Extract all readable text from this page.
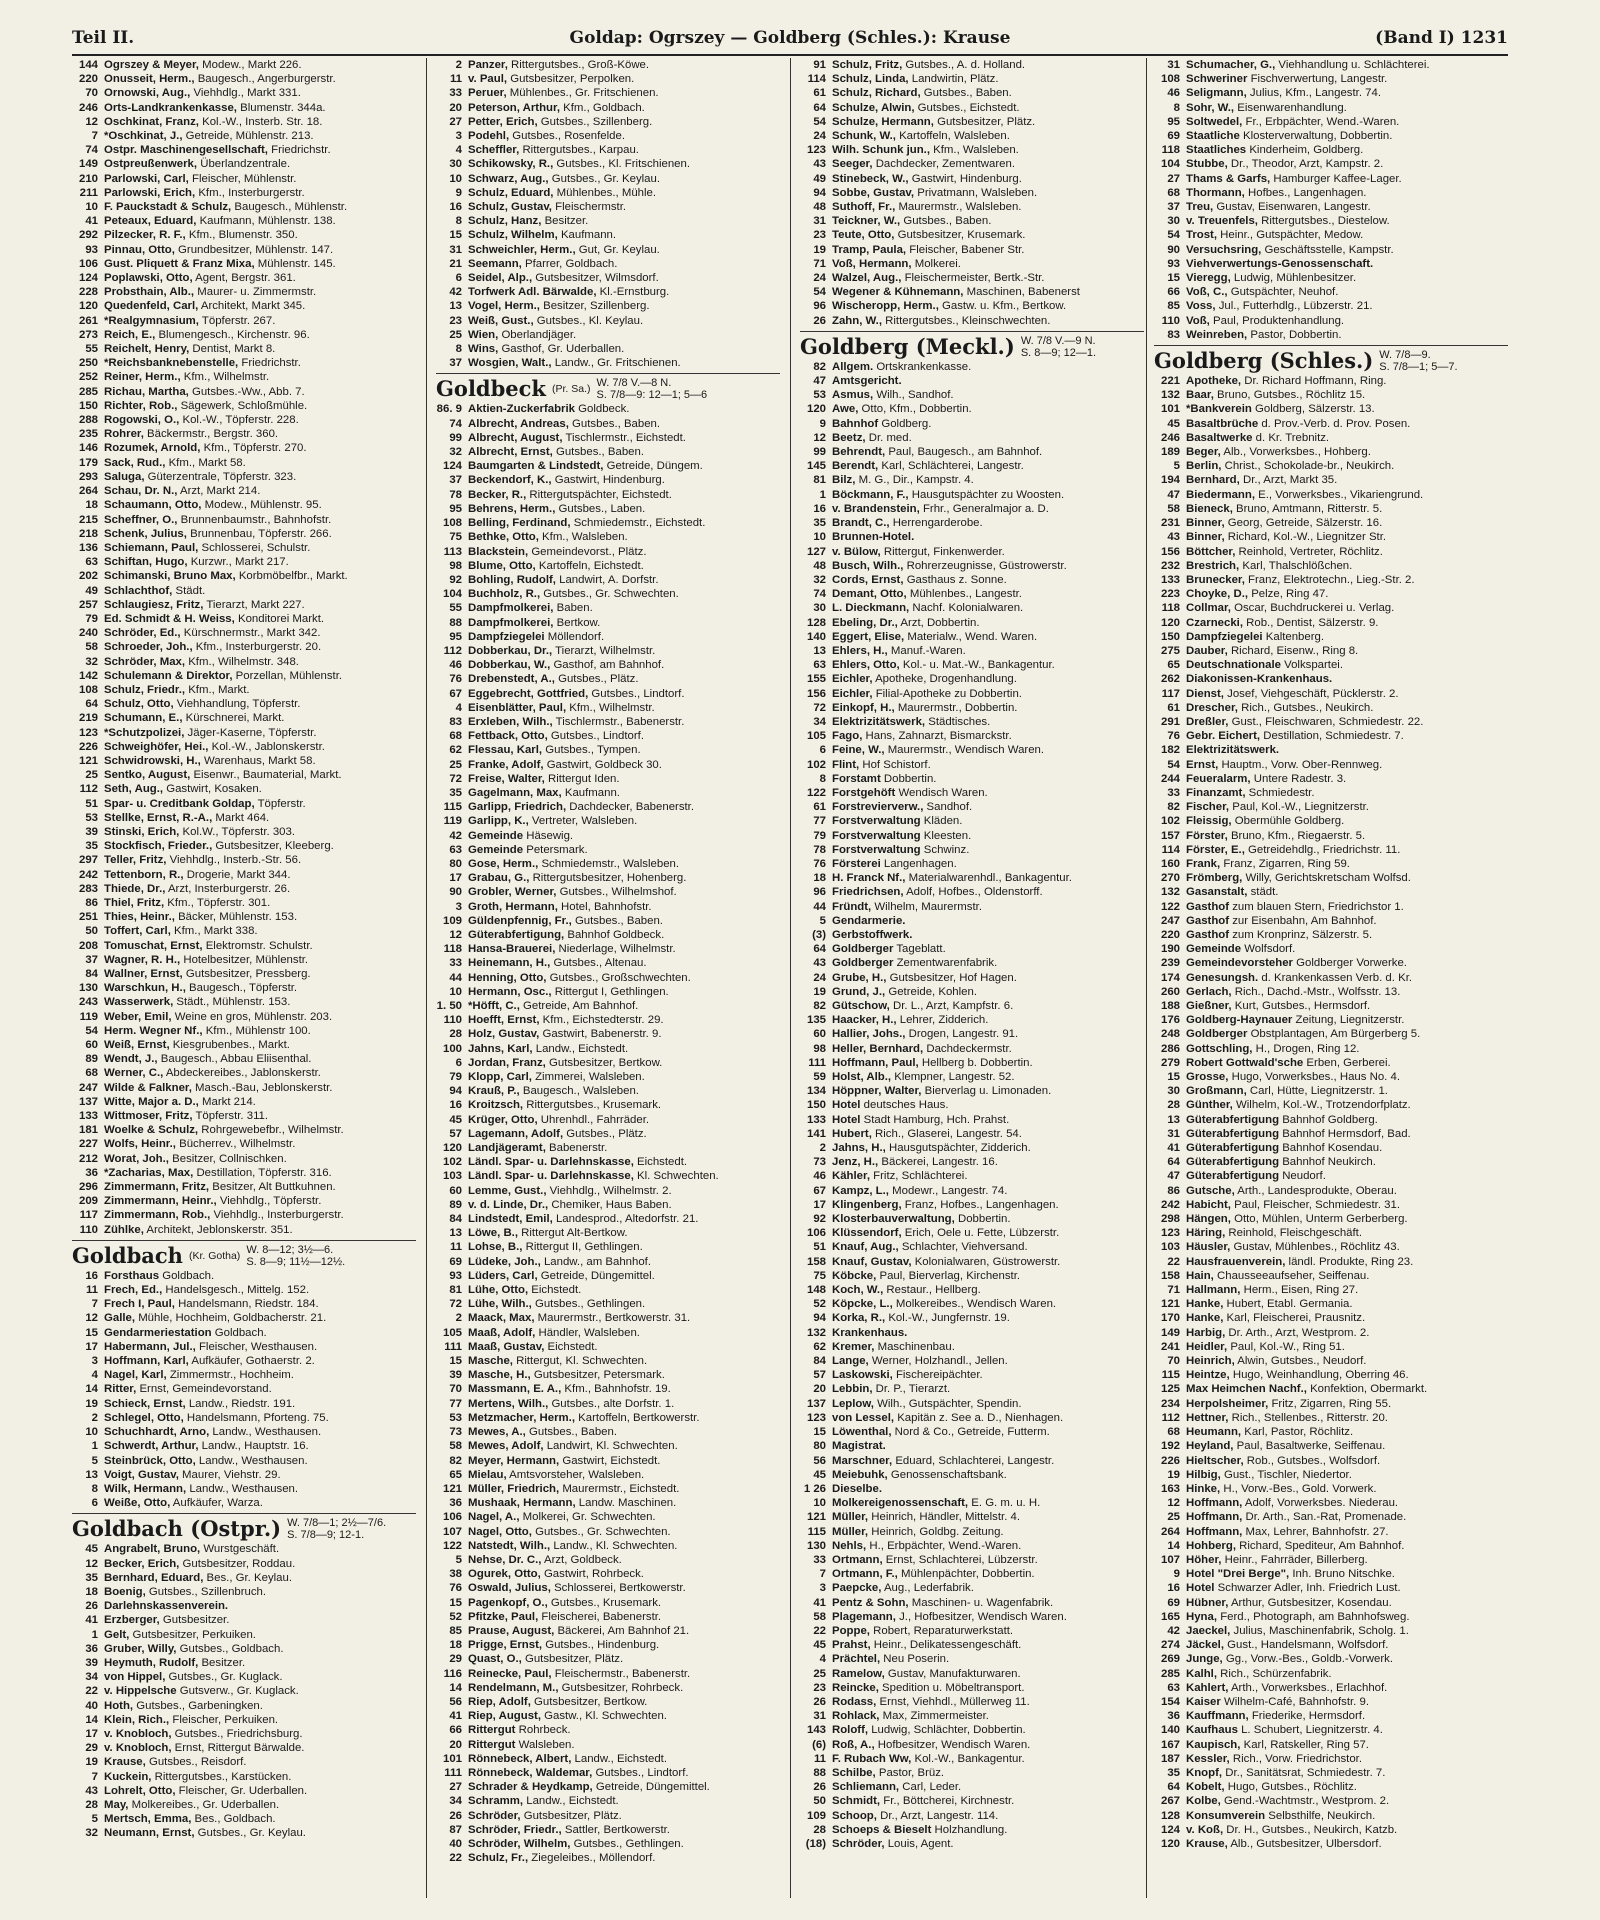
Teil II.	Goldap: Ogrszey — Goldberg (Schles.): Krause	(Band I) 1231
144 Ogrszey & Meyer, Modew., Markt 226.
220 Onusseit, Herm., Baugesch., Angerburgerstr.
70 Ornowski, Aug., Viehhdlg., Markt 331.
246 Orts-Landkrankenkasse, Blumenstr. 344a.
12 Oschkinat, Franz, Kol.-W., Insterb. Str. 18.
7 *Oschkinat, J., Getreide, Mühlenstr. 213.
74 Ostpr. Maschinengesellschaft, Friedrichstr.
149 Ostpreußenwerk, Überlandzentrale.
210 Parlowski, Carl, Fleischer, Mühlenstr.
211 Parlowski, Erich, Kfm., Insterburgerstr.
10 F. Pauckstadt & Schulz, Baugesch., Mühlenstr.
41 Peteaux, Eduard, Kaufmann, Mühlenstr. 138.
292 Pilzecker, R. F., Kfm., Blumenstr. 350.
93 Pinnau, Otto, Grundbesitzer, Mühlenstr. 147.
106 Gust. Pliquett & Franz Mixa, Mühlenstr. 145.
124 Poplawski, Otto, Agent, Bergstr. 361.
228 Probsthain, Alb., Maurer- u. Zimmermstr.
120 Quedenfeld, Carl, Architekt, Markt 345.
261 *Realgymnasium, Töpferstr. 267.
273 Reich, E., Blumengesch., Kirchenstr. 96.
55 Reichelt, Henry, Dentist, Markt 8.
250 *Reichsbanknebenstelle, Friedrichstr.
252 Reiner, Herm., Kfm., Wilhelmstr.
285 Richau, Martha, Gutsbes.-Ww., Abb. 7.
150 Richter, Rob., Sägewerk, Schloßmühle.
288 Rogowski, O., Kol.-W., Töpferstr. 228.
235 Rohrer, Bäckermstr., Bergstr. 360.
146 Rozumek, Arnold, Kfm., Töpferstr. 270.
179 Sack, Rud., Kfm., Markt 58.
293 Saluga, Güterzentrale, Töpferstr. 323.
264 Schau, Dr. N., Arzt, Markt 214.
18 Schaumann, Otto, Modew., Mühlenstr. 95.
215 Scheffner, O., Brunnenbaumstr., Bahnhofstr.
218 Schenk, Julius, Brunnenbau, Töpferstr. 266.
136 Schiemann, Paul, Schlosserei, Schulstr.
63 Schiftan, Hugo, Kurzwr., Markt 217.
202 Schimanski, Bruno Max, Korbmöbelfbr., Markt.
49 Schlachthof, Städt.
257 Schlaugiesz, Fritz, Tierarzt, Markt 227.
79 Ed. Schmidt & H. Weiss, Konditorei Markt.
240 Schröder, Ed., Kürschnermstr., Markt 342.
58 Schroeder, Joh., Kfm., Insterburgerstr. 20.
32 Schröder, Max, Kfm., Wilhelmstr. 348.
142 Schulemann & Direktor, Porzellan, Mühlenstr.
108 Schulz, Friedr., Kfm., Markt.
64 Schulz, Otto, Viehhandlung, Töpferstr.
219 Schumann, E., Kürschnerei, Markt.
123 *Schutzpolizei, Jäger-Kaserne, Töpferstr.
226 Schweighöfer, Hei., Kol.-W., Jablonskerstr.
121 Schwidrowski, H., Warenhaus, Markt 58.
25 Sentko, August, Eisenwr., Baumaterial, Markt.
112 Seth, Aug., Gastwirt, Kosaken.
51 Spar- u. Creditbank Goldap, Töpferstr.
53 Stellke, Ernst, R.-A., Markt 464.
39 Stinski, Erich, Kol.W., Töpferstr. 303.
35 Stockfisch, Frieder., Gutsbesitzer, Kleeberg.
297 Teller, Fritz, Viehhdlg., Insterb.-Str. 56.
242 Tettenborn, R., Drogerie, Markt 344.
283 Thiede, Dr., Arzt, Insterburgerstr. 26.
86 Thiel, Fritz, Kfm., Töpferstr. 301.
251 Thies, Heinr., Bäcker, Mühlenstr. 153.
50 Toffert, Carl, Kfm., Markt 338.
208 Tomuschat, Ernst, Elektromstr. Schulstr.
37 Wagner, R. H., Hotelbesitzer, Mühlenstr.
84 Wallner, Ernst, Gutsbesitzer, Pressberg.
130 Warschkun, H., Baugesch., Töpferstr.
243 Wasserwerk, Städt., Mühlenstr. 153.
119 Weber, Emil, Weine en gros, Mühlenstr. 203.
54 Herm. Wegner Nf., Kfm., Mühlenstr 100.
60 Weiß, Ernst, Kiesgrubenbes., Markt.
89 Wendt, J., Baugesch., Abbau Eliisenthal.
68 Werner, C., Abdeckereibes., Jablonskerstr.
247 Wilde & Falkner, Masch.-Bau, Jeblonskerstr.
137 Witte, Major a. D., Markt 214.
133 Wittmoser, Fritz, Töpferstr. 311.
181 Woelke & Schulz, Rohrgewebefbr., Wilhelmstr.
227 Wolfs, Heinr., Bücherrev., Wilhelmstr.
212 Worat, Joh., Besitzer, Collnischken.
36 *Zacharias, Max, Destillation, Töpferstr. 316.
296 Zimmermann, Fritz, Besitzer, Alt Buttkuhnen.
209 Zimmermann, Heinr., Viehhdlg., Töpferstr.
117 Zimmermann, Rob., Viehhdlg., Insterburgerstr.
110 Zühlke, Architekt, Jeblonskerstr. 351.
Goldbach (Kr. Gotha) W. 8—12; 3½—6.
S. 8—9; 11½—12½.
16 Forsthaus Goldbach.
11 Frech, Ed., Handelsgesch., Mittelg. 152.
7 Frech I, Paul, Handelsmann, Riedstr. 184.
12 Galle, Mühle, Hochheim, Goldbacherstr. 21.
15 Gendarmeriestation Goldbach.
17 Habermann, Jul., Fleischer, Westhausen.
3 Hoffmann, Karl, Aufkäufer, Gothaerstr. 2.
4 Nagel, Karl, Zimmermstr., Hochheim.
14 Ritter, Ernst, Gemeindevorstand.
19 Schieck, Ernst, Landw., Riedstr. 191.
2 Schlegel, Otto, Handelsmann, Pforteng. 75.
10 Schuchhardt, Arno, Landw., Westhausen.
1 Schwerdt, Arthur, Landw., Hauptstr. 16.
5 Steinbrück, Otto, Landw., Westhausen.
13 Voigt, Gustav, Maurer, Viehstr. 29.
8 Wilk, Hermann, Landw., Westhausen.
6 Weiße, Otto, Aufkäufer, Warza.
Goldbach (Ostpr.) W. 7/8—1; 2½—7/6.
S. 7/8—9; 12-1.
45 Angrabelt, Bruno, Wurstgeschäft.
12 Becker, Erich, Gutsbesitzer, Roddau.
35 Bernhard, Eduard, Bes., Gr. Keylau.
18 Boenig, Gutsbes., Szillenbruch.
26 Darlehnskassenverein.
41 Erzberger, Gutsbesitzer.
1 Gelt, Gutsbesitzer, Perkuiken.
36 Gruber, Willy, Gutsbes., Goldbach.
39 Heymuth, Rudolf, Besitzer.
34 von Hippel, Gutsbes., Gr. Kuglack.
22 v. Hippelsche Gutsverw., Gr. Kuglack.
40 Hoth, Gutsbes., Garbeningken.
14 Klein, Rich., Fleischer, Perkuiken.
17 v. Knobloch, Gutsbes., Friedrichsburg.
29 v. Knobloch, Ernst, Rittergut Bärwalde.
19 Krause, Gutsbes., Reisdorf.
7 Kuckein, Rittergutsbes., Karstücken.
43 Lohrelt, Otto, Fleischer, Gr. Uderballen.
28 May, Molkereibes., Gr. Uderballen.
5 Mertsch, Emma, Bes., Goldbach.
32 Neumann, Ernst, Gutsbes., Gr. Keylau.
2 Panzer, Rittergutsbes., Groß-Köwe.
11 v. Paul, Gutsbesitzer, Perpolken.
33 Peruer, Mühlenbes., Gr. Fritschienen.
20 Peterson, Arthur, Kfm., Goldbach.
27 Petter, Erich, Gutsbes., Szillenberg.
3 Podehl, Gutsbes., Rosenfelde.
4 Scheffler, Rittergutsbes., Karpau.
30 Schikowsky, R., Gutsbes., Kl. Fritschienen.
10 Schwarz, Aug., Gutsbes., Gr. Keylau.
9 Schulz, Eduard, Mühlenbes., Mühle.
16 Schulz, Gustav, Fleischermstr.
8 Schulz, Hanz, Besitzer.
15 Schulz, Wilhelm, Kaufmann.
31 Schweichler, Herm., Gut, Gr. Keylau.
21 Seemann, Pfarrer, Goldbach.
6 Seidel, Alp., Gutsbesitzer, Wilmsdorf.
42 Torfwerk Adl. Bärwalde, Kl.-Ernstburg.
13 Vogel, Herm., Besitzer, Szillenberg.
23 Weiß, Gust., Gutsbes., Kl. Keylau.
25 Wien, Oberlandjäger.
8 Wins, Gasthof, Gr. Uderballen.
37 Wosgien, Walt., Landw., Gr. Fritschienen.
Goldbeck (Pr. Sa.) W. 7/8 V.—8 N.
S. 7/8—9: 12—1; 5—6
86. 9 Aktien-Zuckerfabrik Goldbeck.
74 Albrecht, Andreas, Gutsbes., Baben.
99 Albrecht, August, Tischlermstr., Eichstedt.
32 Albrecht, Ernst, Gutsbes., Baben.
124 Baumgarten & Lindstedt, Getreide, Düngem.
37 Beckendorf, K., Gastwirt, Hindenburg.
78 Becker, R., Rittergutspächter, Eichstedt.
95 Behrens, Herm., Gutsbes., Laben.
108 Belling, Ferdinand, Schmiedemstr., Eichstedt.
75 Bethke, Otto, Kfm., Walsleben.
113 Blackstein, Gemeindevorst., Plätz.
98 Blume, Otto, Kartoffeln, Eichstedt.
92 Bohling, Rudolf, Landwirt, A. Dorfstr.
104 Buchholz, R., Gutsbes., Gr. Schwechten.
55 Dampfmolkerei, Baben.
88 Dampfmolkerei, Bertkow.
95 Dampfziegelei Möllendorf.
112 Dobberkau, Dr., Tierarzt, Wilhelmstr.
46 Dobberkau, W., Gasthof, am Bahnhof.
76 Drebenstedt, A., Gutsbes., Plätz.
67 Eggebrecht, Gottfried, Gutsbes., Lindtorf.
4 Eisenblätter, Paul, Kfm., Wilhelmstr.
83 Erxleben, Wilh., Tischlermstr., Babenerstr.
68 Fettback, Otto, Gutsbes., Lindtorf.
62 Flessau, Karl, Gutsbes., Tympen.
25 Franke, Adolf, Gastwirt, Goldbeck 30.
72 Freise, Walter, Rittergut Iden.
35 Gagelmann, Max, Kaufmann.
115 Garlipp, Friedrich, Dachdecker, Babenerstr.
119 Garlipp, K., Vertreter, Walsleben.
42 Gemeinde Häsewig.
63 Gemeinde Petersmark.
80 Gose, Herm., Schmiedemstr., Walsleben.
17 Grabau, G., Rittergutsbesitzer, Hohenberg.
90 Grobler, Werner, Gutsbes., Wilhelmshof.
3 Groth, Hermann, Hotel, Bahnhofstr.
109 Güldenpfennig, Fr., Gutsbes., Baben.
12 Güterabfertigung, Bahnhof Goldbeck.
118 Hansa-Brauerei, Niederlage, Wilhelmstr.
33 Heinemann, H., Gutsbes., Altenau.
44 Henning, Otto, Gutsbes., Großschwechten.
10 Hermann, Osc., Rittergut I, Gethlingen.
1. 50 *Höfft, C., Getreide, Am Bahnhof.
110 Hoefft, Ernst, Kfm., Eichstedterstr. 29.
28 Holz, Gustav, Gastwirt, Babenerstr. 9.
100 Jahns, Karl, Landw., Eichstedt.
6 Jordan, Franz, Gutsbesitzer, Bertkow.
79 Klopp, Carl, Zimmerei, Walsleben.
94 Krauß, P., Baugesch., Walsleben.
16 Kroitzsch, Rittergutsbes., Krusemark.
45 Krüger, Otto, Uhrenhdl., Fahrräder.
57 Lagemann, Adolf, Gutsbes., Plätz.
120 Landjägeramt, Babenerstr.
102 Ländl. Spar- u. Darlehnskasse, Eichstedt.
103 Ländl. Spar- u. Darlehnskasse, Kl. Schwechten.
60 Lemme, Gust., Viehhdlg., Wilhelmstr. 2.
89 v. d. Linde, Dr., Chemiker, Haus Baben.
84 Lindstedt, Emil, Landesprod., Altedorfstr. 21.
13 Löwe, B., Rittergut Alt-Bertkow.
11 Lohse, B., Rittergut II, Gethlingen.
69 Lüdeke, Joh., Landw., am Bahnhof.
93 Lüders, Carl, Getreide, Düngemittel.
81 Lühe, Otto, Eichstedt.
72 Lühe, Wilh., Gutsbes., Gethlingen.
2 Maack, Max, Maurermstr., Bertkowerstr. 31.
105 Maaß, Adolf, Händler, Walsleben.
111 Maaß, Gustav, Eichstedt.
15 Masche, Rittergut, Kl. Schwechten.
39 Masche, H., Gutsbesitzer, Petersmark.
70 Massmann, E. A., Kfm., Bahnhofstr. 19.
77 Mertens, Wilh., Gutsbes., alte Dorfstr. 1.
53 Metzmacher, Herm., Kartoffeln, Bertkowerstr.
73 Mewes, A., Gutsbes., Baben.
58 Mewes, Adolf, Landwirt, Kl. Schwechten.
82 Meyer, Hermann, Gastwirt, Eichstedt.
65 Mielau, Amtsvorsteher, Walsleben.
121 Müller, Friedrich, Maurermstr., Eichstedt.
36 Mushaak, Hermann, Landw. Maschinen.
106 Nagel, A., Molkerei, Gr. Schwechten.
107 Nagel, Otto, Gutsbes., Gr. Schwechten.
122 Natstedt, Wilh., Landw., Kl. Schwechten.
5 Nehse, Dr. C., Arzt, Goldbeck.
38 Ogurek, Otto, Gastwirt, Rohrbeck.
76 Oswald, Julius, Schlosserei, Bertkowerstr.
15 Pagenkopf, O., Gutsbes., Krusemark.
52 Pfitzke, Paul, Fleischerei, Babenerstr.
85 Prause, August, Bäckerei, Am Bahnhof 21.
18 Prigge, Ernst, Gutsbes., Hindenburg.
29 Quast, O., Gutsbesitzer, Plätz.
116 Reinecke, Paul, Fleischermstr., Babenerstr.
14 Rendelmann, M., Gutsbesitzer, Rohrbeck.
56 Riep, Adolf, Gutsbesitzer, Bertkow.
41 Riep, August, Gastw., Kl. Schwechten.
66 Rittergut Rohrbeck.
20 Rittergut Walsleben.
101 Rönnebeck, Albert, Landw., Eichstedt.
111 Rönnebeck, Waldemar, Gutsbes., Lindtorf.
27 Schrader & Heydkamp, Getreide, Düngemittel.
34 Schramm, Landw., Eichstedt.
26 Schröder, Gutsbesitzer, Plätz.
87 Schröder, Friedr., Sattler, Bertkowerstr.
40 Schröder, Wilhelm, Gutsbes., Gethlingen.
22 Schulz, Fr., Ziegeleibes., Möllendorf.
91 Schulz, Fritz, Gutsbes., A. d. Holland.
114 Schulz, Linda, Landwirtin, Plätz.
61 Schulz, Richard, Gutsbes., Baben.
64 Schulze, Alwin, Gutsbes., Eichstedt.
54 Schulze, Hermann, Gutsbesitzer, Plätz.
24 Schunk, W., Kartoffeln, Walsleben.
123 Wilh. Schunk jun., Kfm., Walsleben.
43 Seeger, Dachdecker, Zementwaren.
49 Stinebeck, W., Gastwirt, Hindenburg.
94 Sobbe, Gustav, Privatmann, Walsleben.
48 Suthoff, Fr., Maurermstr., Walsleben.
31 Teickner, W., Gutsbes., Baben.
23 Teute, Otto, Gutsbesitzer, Krusemark.
19 Tramp, Paula, Fleischer, Babener Str.
71 Voß, Hermann, Molkerei.
24 Walzel, Aug., Fleischermeister, Bertk.-Str.
54 Wegener & Kühnemann, Maschinen, Babenerst
96 Wischeropp, Herm., Gastw. u. Kfm., Bertkow.
26 Zahn, W., Rittergutsbes., Kleinschwechten.
Goldberg (Meckl.) W. 7/8 V.—9 N.
S. 8—9; 12—1.
82 Allgem. Ortskrankenkasse.
47 Amtsgericht.
53 Asmus, Wilh., Sandhof.
120 Awe, Otto, Kfm., Dobbertin.
9 Bahnhof Goldberg.
12 Beetz, Dr. med.
99 Behrendt, Paul, Baugesch., am Bahnhof.
145 Berendt, Karl, Schlächterei, Langestr.
81 Bilz, M. G., Dir., Kampstr. 4.
1 Böckmann, F., Hausgutspächter zu Woosten.
16 v. Brandenstein, Frhr., Generalmajor a. D.
35 Brandt, C., Herrengarderobe.
10 Brunnen-Hotel.
127 v. Bülow, Rittergut, Finkenwerder.
48 Busch, Wilh., Rohrerzeugnisse, Güstrowerstr.
32 Cords, Ernst, Gasthaus z. Sonne.
74 Demant, Otto, Mühlenbes., Langestr.
30 L. Dieckmann, Nachf. Kolonialwaren.
128 Ebeling, Dr., Arzt, Dobbertin.
140 Eggert, Elise, Materialw., Wend. Waren.
13 Ehlers, H., Manuf.-Waren.
63 Ehlers, Otto, Kol.- u. Mat.-W., Bankagentur.
155 Eichler, Apotheke, Drogenhandlung.
156 Eichler, Filial-Apotheke zu Dobbertin.
72 Einkopf, H., Maurermstr., Dobbertin.
34 Elektrizitätswerk, Städtisches.
105 Fago, Hans, Zahnarzt, Bismarckstr.
6 Feine, W., Maurermstr., Wendisch Waren.
102 Flint, Hof Schistorf.
8 Forstamt Dobbertin.
122 Forstgehöft Wendisch Waren.
61 Forstrevierverw., Sandhof.
77 Forstverwaltung Kläden.
79 Forstverwaltung Kleesten.
78 Forstverwaltung Schwinz.
76 Försterei Langenhagen.
18 H. Franck Nf., Materialwarenhdl., Bankagentur.
96 Friedrichsen, Adolf, Hofbes., Oldenstorff.
44 Fründt, Wilhelm, Maurermstr.
5 Gendarmerie.
(3) Gerbstoffwerk.
64 Goldberger Tageblatt.
43 Goldberger Zementwarenfabrik.
24 Grube, H., Gutsbesitzer, Hof Hagen.
19 Grund, J., Getreide, Kohlen.
82 Gütschow, Dr. L., Arzt, Kampfstr. 6.
135 Haacker, H., Lehrer, Zidderich.
60 Hallier, Johs., Drogen, Langestr. 91.
98 Heller, Bernhard, Dachdeckermstr.
111 Hoffmann, Paul, Hellberg b. Dobbertin.
59 Holst, Alb., Klempner, Langestr. 52.
134 Höppner, Walter, Bierverlag u. Limonaden.
150 Hotel deutsches Haus.
133 Hotel Stadt Hamburg, Hch. Prahst.
141 Hubert, Rich., Glaserei, Langestr. 54.
2 Jahns, H., Hausgutspächter, Zidderich.
73 Jenz, H., Bäckerei, Langestr. 16.
46 Kähler, Fritz, Schlächterei.
67 Kampz, L., Modewr., Langestr. 74.
17 Klingenberg, Franz, Hofbes., Langenhagen.
92 Klosterbauverwaltung, Dobbertin.
106 Klüssendorf, Erich, Oele u. Fette, Lübzerstr.
51 Knauf, Aug., Schlachter, Viehversand.
158 Knauf, Gustav, Kolonialwaren, Güstrowerstr.
75 Köbcke, Paul, Bierverlag, Kirchenstr.
148 Koch, W., Restaur., Hellberg.
52 Köpcke, L., Molkereibes., Wendisch Waren.
94 Korka, R., Kol.-W., Jungfernstr. 19.
132 Krankenhaus.
62 Kremer, Maschinenbau.
84 Lange, Werner, Holzhandl., Jellen.
57 Laskowski, Fischereipächter.
20 Lebbin, Dr. P., Tierarzt.
137 Leplow, Wilh., Gutspächter, Spendin.
123 von Lessel, Kapitän z. See a. D., Nienhagen.
15 Löwenthal, Nord & Co., Getreide, Futterm.
80 Magistrat.
56 Marschner, Eduard, Schlachterei, Langestr.
45 Meiebuhk, Genossenschaftsbank.
1 26 Dieselbe.
10 Molkereigenossenschaft, E. G. m. u. H.
121 Müller, Heinrich, Händler, Mittelstr. 4.
115 Müller, Heinrich, Goldbg. Zeitung.
130 Nehls, H., Erbpächter, Wend.-Waren.
33 Ortmann, Ernst, Schlachterei, Lübzerstr.
7 Ortmann, F., Mühlenpächter, Dobbertin.
3 Paepcke, Aug., Lederfabrik.
41 Pentz & Sohn, Maschinen- u. Wagenfabrik.
58 Plagemann, J., Hofbesitzer, Wendisch Waren.
22 Poppe, Robert, Reparaturwerkstatt.
45 Prahst, Heinr., Delikatessengeschäft.
4 Prächtel, Neu Poserin.
25 Ramelow, Gustav, Manufakturwaren.
23 Reincke, Spedition u. Möbeltransport.
26 Rodass, Ernst, Viehhdl., Müllerweg 11.
31 Rohlack, Max, Zimmermeister.
143 Roloff, Ludwig, Schlächter, Dobbertin.
(6) Roß, A., Hofbesitzer, Wendisch Waren.
11 F. Rubach Ww, Kol.-W., Bankagentur.
88 Schilbe, Pastor, Brüz.
26 Schliemann, Carl, Leder.
50 Schmidt, Fr., Böttcherei, Kirchnestr.
109 Schoop, Dr., Arzt, Langestr. 114.
28 Schoeps & Bieselt Holzhandlung.
(18) Schröder, Louis, Agent.
31 Schumacher, G., Viehhandlung u. Schlächterei.
108 Schweriner Fischverwertung, Langestr.
46 Seligmann, Julius, Kfm., Langestr. 74.
8 Sohr, W., Eisenwarenhandlung.
95 Soltwedel, Fr., Erbpächter, Wend.-Waren.
69 Staatliche Klosterverwaltung, Dobbertin.
118 Staatliches Kinderheim, Goldberg.
104 Stubbe, Dr., Theodor, Arzt, Kampstr. 2.
27 Thams & Garfs, Hamburger Kaffee-Lager.
68 Thormann, Hofbes., Langenhagen.
37 Treu, Gustav, Eisenwaren, Langestr.
30 v. Treuenfels, Rittergutsbes., Diestelow.
54 Trost, Heinr., Gutspächter, Medow.
90 Versuchsring, Geschäftsstelle, Kampstr.
93 Viehverwertungs-Genossenschaft.
15 Vieregg, Ludwig, Mühlenbesitzer.
66 Voß, C., Gutspächter, Neuhof.
85 Voss, Jul., Futterhdlg., Lübzerstr. 21.
110 Voß, Paul, Produktenhandlung.
83 Weinreben, Pastor, Dobbertin.
Goldberg (Schles.) W. 7/8—9.
S. 7/8—1; 5—7.
221 Apotheke, Dr. Richard Hoffmann, Ring.
132 Baar, Bruno, Gutsbes., Röchlitz 15.
101 *Bankverein Goldberg, Sälzerstr. 13.
45 Basaltbrüche d. Prov.-Verb. d. Prov. Posen.
246 Basaltwerke d. Kr. Trebnitz.
189 Beger, Alb., Vorwerksbes., Hohberg.
5 Berlin, Christ., Schokolade-br., Neukirch.
194 Bernhard, Dr., Arzt, Markt 35.
47 Biedermann, E., Vorwerksbes., Vikariengrund.
58 Bieneck, Bruno, Amtmann, Ritterstr. 5.
231 Binner, Georg, Getreide, Sälzerstr. 16.
43 Binner, Richard, Kol.-W., Liegnitzer Str.
156 Böttcher, Reinhold, Vertreter, Röchlitz.
232 Brestrich, Karl, Thalschlößchen.
133 Brunecker, Franz, Elektrotechn., Lieg.-Str. 2.
223 Choyke, D., Pelze, Ring 47.
118 Collmar, Oscar, Buchdruckerei u. Verlag.
120 Czarnecki, Rob., Dentist, Sälzerstr. 9.
150 Dampfziegelei Kaltenberg.
275 Dauber, Richard, Eisenw., Ring 8.
65 Deutschnationale Volkspartei.
262 Diakonissen-Krankenhaus.
117 Dienst, Josef, Viehgeschäft, Pücklerstr. 2.
61 Drescher, Rich., Gutsbes., Neukirch.
291 Dreßler, Gust., Fleischwaren, Schmiedestr. 22.
76 Gebr. Eichert, Destillation, Schmiedestr. 7.
182 Elektrizitätswerk.
54 Ernst, Hauptm., Vorw. Ober-Rennweg.
244 Feueralarm, Untere Radestr. 3.
33 Finanzamt, Schmiedestr.
82 Fischer, Paul, Kol.-W., Liegnitzerstr.
102 Fleissig, Obermühle Goldberg.
157 Förster, Bruno, Kfm., Riegaerstr. 5.
114 Förster, E., Getreidehdlg., Friedrichstr. 11.
160 Frank, Franz, Zigarren, Ring 59.
270 Frömberg, Willy, Gerichtskretscham Wolfsd.
132 Gasanstalt, städt.
122 Gasthof zum blauen Stern, Friedrichstor 1.
247 Gasthof zur Eisenbahn, Am Bahnhof.
220 Gasthof zum Kronprinz, Sälzerstr. 5.
190 Gemeinde Wolfsdorf.
239 Gemeindevorsteher Goldberger Vorwerke.
174 Genesungsh. d. Krankenkassen Verb. d. Kr.
260 Gerlach, Rich., Dachd.-Mstr., Wolfsstr. 13.
188 Gießner, Kurt, Gutsbes., Hermsdorf.
176 Goldberg-Haynauer Zeitung, Liegnitzerstr.
248 Goldberger Obstplantagen, Am Bürgerberg 5.
286 Gottschling, H., Drogen, Ring 12.
279 Robert Gottwald'sche Erben, Gerberei.
15 Grosse, Hugo, Vorwerksbes., Haus No. 4.
30 Großmann, Carl, Hütte, Liegnitzerstr. 1.
28 Günther, Wilhelm, Kol.-W., Trotzendorfplatz.
13 Güterabfertigung Bahnhof Goldberg.
31 Güterabfertigung Bahnhof Hermsdorf, Bad.
41 Güterabfertigung Bahnhof Kosendau.
64 Güterabfertigung Bahnhof Neukirch.
47 Güterabfertigung Neudorf.
86 Gutsche, Arth., Landesprodukte, Oberau.
242 Habicht, Paul, Fleischer, Schmiedestr. 31.
298 Hängen, Otto, Mühlen, Unterm Gerberberg.
123 Häring, Reinhold, Fleischgeschäft.
103 Häusler, Gustav, Mühlenbes., Röchlitz 43.
22 Hausfrauenverein, ländl. Produkte, Ring 23.
158 Hain, Chausseeaufseher, Seiffenau.
71 Hallmann, Herm., Eisen, Ring 27.
121 Hanke, Hubert, Etabl. Germania.
170 Hanke, Karl, Fleischerei, Prausnitz.
149 Harbig, Dr. Arth., Arzt, Westprom. 2.
241 Heidler, Paul, Kol.-W., Ring 51.
70 Heinrich, Alwin, Gutsbes., Neudorf.
115 Heintze, Hugo, Weinhandlung, Oberring 46.
125 Max Heimchen Nachf., Konfektion, Obermarkt.
234 Herpolsheimer, Fritz, Zigarren, Ring 55.
112 Hettner, Rich., Stellenbes., Ritterstr. 20.
68 Heumann, Karl, Pastor, Röchlitz.
192 Heyland, Paul, Basaltwerke, Seiffenau.
226 Hieltscher, Rob., Gutsbes., Wolfsdorf.
19 Hilbig, Gust., Tischler, Niedertor.
163 Hinke, H., Vorw.-Bes., Gold. Vorwerk.
12 Hoffmann, Adolf, Vorwerksbes. Niederau.
25 Hoffmann, Dr. Arth., San.-Rat, Promenade.
264 Hoffmann, Max, Lehrer, Bahnhofstr. 27.
14 Hohberg, Richard, Spediteur, Am Bahnhof.
107 Höher, Heinr., Fahrräder, Billerberg.
9 Hotel "Drei Berge", Inh. Bruno Nitschke.
16 Hotel Schwarzer Adler, Inh. Friedrich Lust.
69 Hübner, Arthur, Gutsbesitzer, Kosendau.
165 Hyna, Ferd., Photograph, am Bahnhofsweg.
42 Jaeckel, Julius, Maschinenfabrik, Scholg. 1.
274 Jäckel, Gust., Handelsmann, Wolfsdorf.
269 Junge, Gg., Vorw.-Bes., Goldb.-Vorwerk.
285 Kalhl, Rich., Schürzenfabrik.
63 Kahlert, Arth., Vorwerksbes., Erlachhof.
154 Kaiser Wilhelm-Café, Bahnhofstr. 9.
36 Kauffmann, Friederike, Hermsdorf.
140 Kaufhaus L. Schubert, Liegnitzerstr. 4.
167 Kaupisch, Karl, Ratskeller, Ring 57.
187 Kessler, Rich., Vorw. Friedrichstor.
35 Knopf, Dr., Sanitätsrat, Schmiedestr. 7.
64 Kobelt, Hugo, Gutsbes., Röchlitz.
267 Kolbe, Gend.-Wachtmstr., Westprom. 2.
128 Konsumverein Selbsthilfe, Neukirch.
124 v. Koß, Dr. H., Gutsbes., Neukirch, Katzb.
120 Krause, Alb., Gutsbesitzer, Ulbersdorf.
